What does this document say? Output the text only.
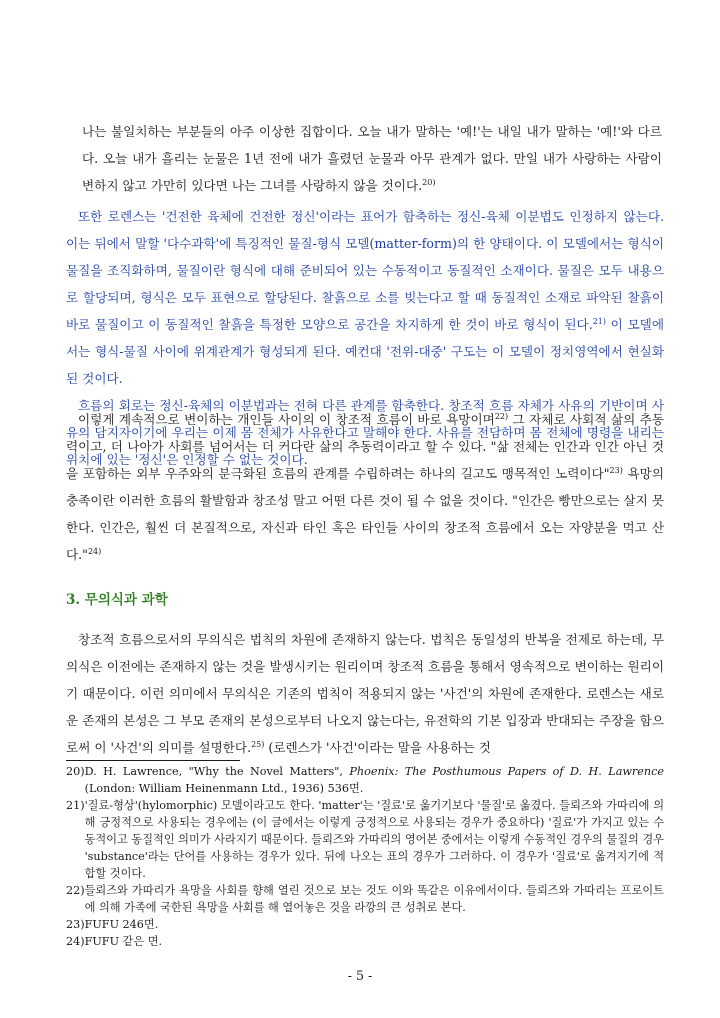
나는 불일치하는 부분들의 아주 이상한 집합이다. 오늘 내가 말하는 '예!'는 내일 내가 말하는 '예!'와 다르다. 오늘 내가 흘리는 눈물은 1년 전에 내가 흘렸던 눈물과 아무 관계가 없다. 만일 내가 사랑하는 사람이 변하지 않고 가만히 있다면 나는 그녀를 사랑하지 않을 것이다.$^{20)}$

또한 로렌스는 '건전한 육체에 건전한 정신'이라는 표어가 함축하는 정신-육체 이분법도 인정하지 않는다. 이는 뒤에서 말할 '다수과학'에 특징적인 물질-형식 모델(matter-form)의 한 양태이다. 이 모델에서는 형식이 물질을 조직화하며, 물질이란 형식에 대해 준비되어 있는 수동적이고 동질적인 소재이다. 물질은 모두 내용으로 할당되며, 형식은 모두 표현으로 할당된다. 찰흙으로 소를 빚는다고 할 때 동질적인 소재로 파악된 찰흙이 바로 물질이고 이 동질적인 찰흙을 특정한 모양으로 공간을 차지하게 한 것이 바로 형식이 된다.$^{21)}$ 이 모델에서는 형식-물질 사이에 위계관계가 형성되게 된다. 예컨대 '전위-대중' 구도는 이 모델이 정치영역에서 현실화된 것이다.

흐름의 회로는 정신-육체의 이분법과는 전혀 다른 관계를 함축한다. 창조적 흐름 자체가 사유의 기반이며 사유의 담지자이기에 우리는 이제 몸 전체가 사유한다고 말해야 한다. 사유를 전담하며 몸 전체에 명령을 내리는 위치에 있는 '정신'은 인정할 수 없는 것이다.

이렇게 계속적으로 변이하는 개인들 사이의 이 창조적 흐름이 바로 욕망이며$^{22)}$ 그 자체로 사회적 삶의 추동력이고, 더 나아가 사회를 넘어서는 더 커다란 삶의 추동력이라고 할 수 있다. "삶 전체는 인간과 인간 아닌 것을 포함하는 외부 우주와의 분극화된 흐름의 관계를 수립하려는 하나의 길고도 맹목적인 노력이다"$^{23)}$ 욕망의 충족이란 이러한 흐름의 활발함과 창조성 말고 어떤 다른 것이 될 수 없을 것이다. "인간은 빵만으로는 살지 못한다. 인간은, 훨씬 더 본질적으로, 자신과 타인 혹은 타인들 사이의 창조적 흐름에서 오는 자양분을 먹고 산다."$^{24)}$

3. 무의식과 과학

창조적 흐름으로서의 무의식은 법칙의 차원에 존재하지 않는다. 법칙은 동일성의 반복을 전제로 하는데, 무의식은 이전에는 존재하지 않는 것을 발생시키는 원리이며 창조적 흐름을 통해서 영속적으로 변이하는 원리이기 때문이다. 이런 의미에서 무의식은 기존의 법칙이 적용되지 않는 '사건'의 차원에 존재한다. 로렌스는 새로운 존재의 본성은 그 부모 존재의 본성으로부터 나오지 않는다는, 유전학의 기본 입장과 반대되는 주장을 함으로써 이 '사건'의 의미를 설명한다.$^{25)}$ (로렌스가 '사건'이라는 말을 사용하는 것

20) D. H. Lawrence, "Why the Novel Matters", Phoenix: The Posthumous Papers of D. H. Lawrence (London: William Heinenmann Ltd., 1936) 536면.
21) '질료-형상'(hylomorphic) 모델이라고도 한다. 'matter'는 '질료'로 옮기기보다 '물질'로 옮겼다. 들뢰즈와 가따리에 의해 긍정적으로 사용되는 경우에는 (이 글에서는 이렇게 긍정적으로 사용되는 경우가 중요하다) '질료'가 가지고 있는 수동적이고 동질적인 의미가 사라지기 때문이다. 들뢰즈와 가따리의 영어본 중에서는 이렇게 수동적인 경우의 물질의 경우 'substance'라는 단어를 사용하는 경우가 있다. 뒤에 나오는 표의 경우가 그러하다. 이 경우가 '질료'로 옮겨지기에 적합할 것이다.
22) 들뢰즈와 가따리가 욕망을 사회를 향해 열린 것으로 보는 것도 이와 똑같은 이유에서이다. 들뢰즈와 가따리는 프로이트에 의해 가족에 국한된 욕망을 사회를 해 열어놓은 것을 라깡의 큰 성취로 본다.
23) FUFU 246면.
24) FUFU 같은 면.
- 5 -
